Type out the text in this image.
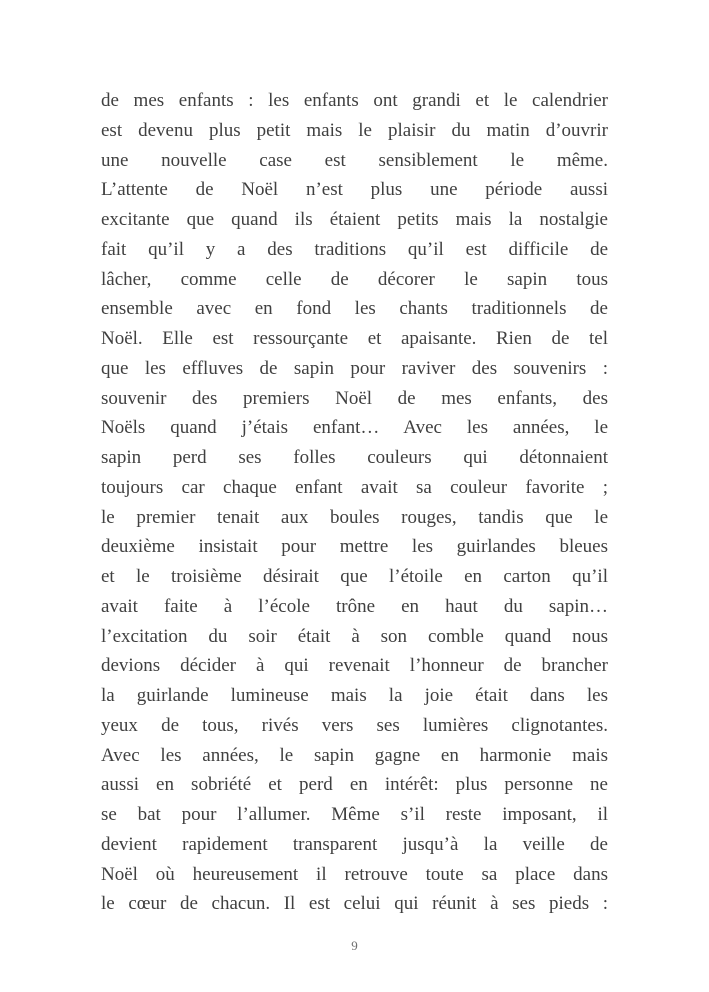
de mes enfants : les enfants ont grandi et le calendrier
est devenu plus petit mais le plaisir du matin d’ouvrir
une nouvelle case est sensiblement le même.
L’attente de Noël n’est plus une période aussi
excitante que quand ils étaient petits mais la nostalgie
fait qu’il y a des traditions qu’il est difficile de
lâcher, comme celle de décorer le sapin tous
ensemble avec en fond les chants traditionnels de
Noël. Elle est ressourçante et apaisante. Rien de tel
que les effluves de sapin pour raviver des souvenirs :
souvenir des premiers Noël de mes enfants, des
Noëls quand j’étais enfant… Avec les années, le
sapin perd ses folles couleurs qui détonnaient
toujours car chaque enfant avait sa couleur favorite ;
le premier tenait aux boules rouges, tandis que le
deuxième insistait pour mettre les guirlandes bleues
et le troisième désirait que l’étoile en carton qu’il
avait faite à l’école trône en haut du sapin…
l’excitation du soir était à son comble quand nous
devions décider à qui revenait l’honneur de brancher
la guirlande lumineuse mais la joie était dans les
yeux de tous, rivés vers ses lumières clignotantes.
Avec les années, le sapin gagne en harmonie mais
aussi en sobriété et perd en intérêt: plus personne ne
se bat pour l’allumer. Même s’il reste imposant, il
devient rapidement transparent jusqu’à la veille de
Noël où heureusement il retrouve toute sa place dans
le cœur de chacun. Il est celui qui réunit à ses pieds :
9
